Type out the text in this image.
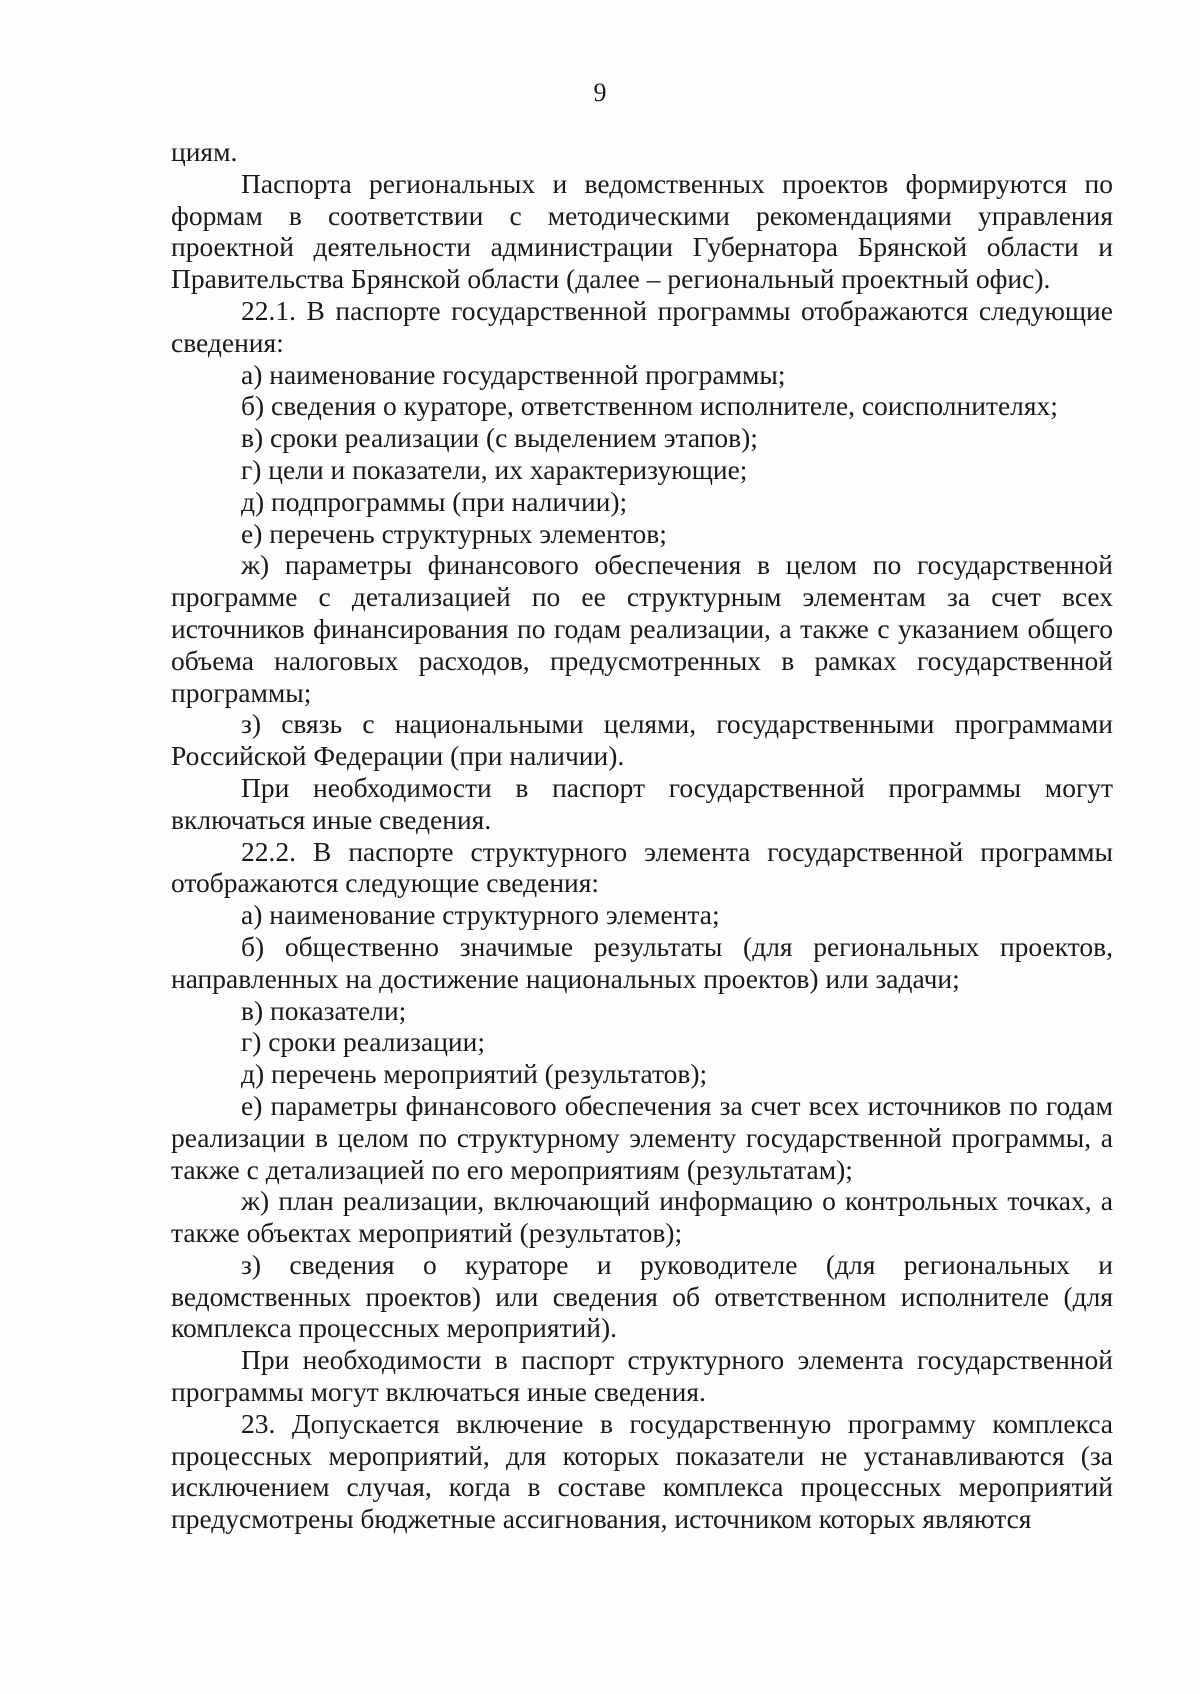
9

циям.

Паспорта региональных и ведомственных проектов формируются по формам в соответствии с методическими рекомендациями управления проектной деятельности администрации Губернатора Брянской области и Правительства Брянской области (далее – региональный проектный офис).

22.1. В паспорте государственной программы отображаются следующие сведения:

а) наименование государственной программы;

б) сведения о кураторе, ответственном исполнителе, соисполнителях;

в) сроки реализации (с выделением этапов);

г) цели и показатели, их характеризующие;

д) подпрограммы (при наличии);

е) перечень структурных элементов;

ж) параметры финансового обеспечения в целом по государственной программе с детализацией по ее структурным элементам за счет всех источников финансирования по годам реализации, а также с указанием общего объема налоговых расходов, предусмотренных в рамках государственной программы;

з) связь с национальными целями, государственными программами Российской Федерации (при наличии).

При необходимости в паспорт государственной программы могут включаться иные сведения.

22.2. В паспорте структурного элемента государственной программы отображаются следующие сведения:

а) наименование структурного элемента;

б) общественно значимые результаты (для региональных проектов, направленных на достижение национальных проектов) или задачи;

в) показатели;

г) сроки реализации;

д) перечень мероприятий (результатов);

е) параметры финансового обеспечения за счет всех источников по годам реализации в целом по структурному элементу государственной программы, а также с детализацией по его мероприятиям (результатам);

ж) план реализации, включающий информацию о контрольных точках, а также объектах мероприятий (результатов);

з) сведения о кураторе и руководителе (для региональных и ведомственных проектов) или сведения об ответственном исполнителе (для комплекса процессных мероприятий).

При необходимости в паспорт структурного элемента государственной программы могут включаться иные сведения.

23. Допускается включение в государственную программу комплекса процессных мероприятий, для которых показатели не устанавливаются (за исключением случая, когда в составе комплекса процессных мероприятий предусмотрены бюджетные ассигнования, источником которых являются
